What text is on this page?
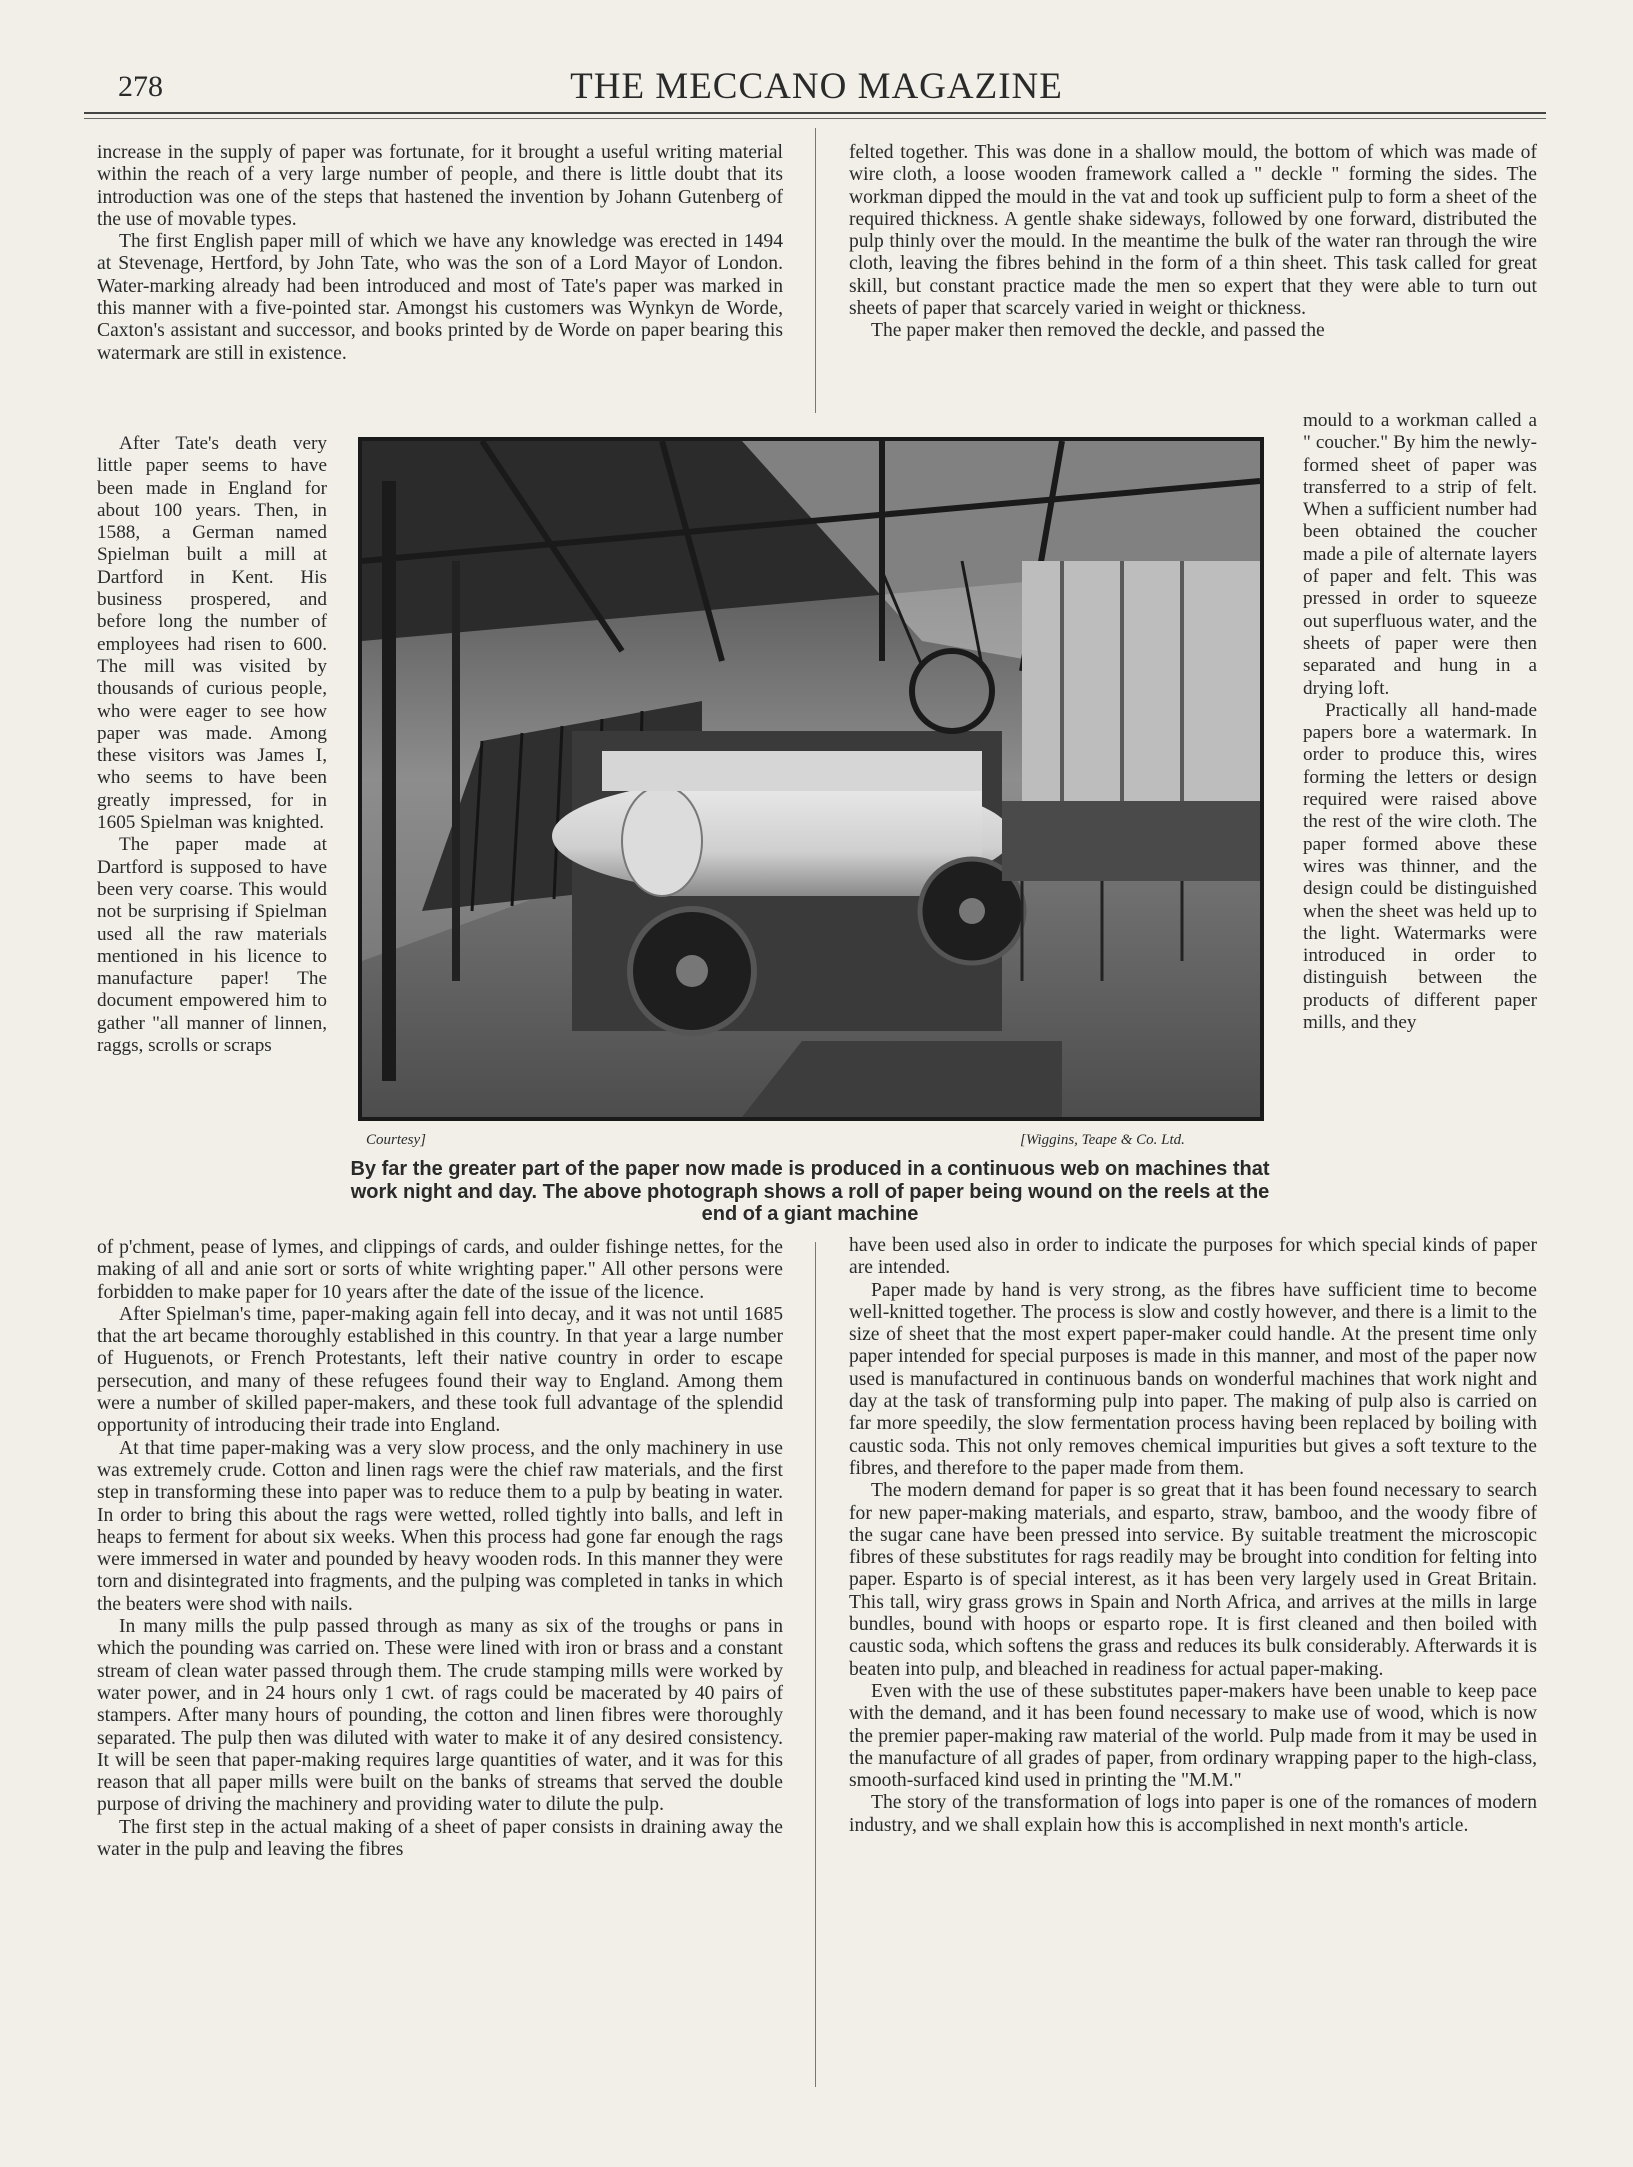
278	THE MECCANO MAGAZINE

increase in the supply of paper was fortunate, for it brought a useful writing material within the reach of a very large number of people, and there is little doubt that its introduction was one of the steps that hastened the invention by Johann Gutenberg of the use of movable types.

The first English paper mill of which we have any knowledge was erected in 1494 at Stevenage, Hertford, by John Tate, who was the son of a Lord Mayor of London. Water-marking already had been introduced and most of Tate's paper was marked in this manner with a five-pointed star. Amongst his customers was Wynkyn de Worde, Caxton's assistant and successor, and books printed by de Worde on paper bearing this watermark are still in existence.

After Tate's death very little paper seems to have been made in England for about 100 years. Then, in 1588, a German named Spielman built a mill at Dartford in Kent. His business prospered, and before long the number of employees had risen to 600. The mill was visited by thousands of curious people, who were eager to see how paper was made. Among these visitors was James I, who seems to have been greatly impressed, for in 1605 Spielman was knighted.

The paper made at Dartford is supposed to have been very coarse. This would not be surprising if Spielman used all the raw materials mentioned in his licence to manufacture paper! The document empowered him to gather "all manner of linnen, raggs, scrolls or scraps

of p'chment, pease of lymes, and clippings of cards, and oulder fishinge nettes, for the making of all and anie sort or sorts of white wrighting paper." All other persons were forbidden to make paper for 10 years after the date of the issue of the licence.

After Spielman's time, paper-making again fell into decay, and it was not until 1685 that the art became thoroughly established in this country. In that year a large number of Huguenots, or French Protestants, left their native country in order to escape persecution, and many of these refugees found their way to England. Among them were a number of skilled paper-makers, and these took full advantage of the splendid opportunity of introducing their trade into England.

At that time paper-making was a very slow process, and the only machinery in use was extremely crude. Cotton and linen rags were the chief raw materials, and the first step in transforming these into paper was to reduce them to a pulp by beating in water. In order to bring this about the rags were wetted, rolled tightly into balls, and left in heaps to ferment for about six weeks. When this process had gone far enough the rags were immersed in water and pounded by heavy wooden rods. In this manner they were torn and disintegrated into fragments, and the pulping was completed in tanks in which the beaters were shod with nails.

In many mills the pulp passed through as many as six of the troughs or pans in which the pounding was carried on. These were lined with iron or brass and a constant stream of clean water passed through them. The crude stamping mills were worked by water power, and in 24 hours only 1 cwt. of rags could be macerated by 40 pairs of stampers. After many hours of pounding, the cotton and linen fibres were thoroughly separated. The pulp then was diluted with water to make it of any desired consistency. It will be seen that paper-making requires large quantities of water, and it was for this reason that all paper mills were built on the banks of streams that served the double purpose of driving the machinery and providing water to dilute the pulp.

The first step in the actual making of a sheet of paper consists in draining away the water in the pulp and leaving the fibres

felted together. This was done in a shallow mould, the bottom of which was made of wire cloth, a loose wooden framework called a " deckle " forming the sides. The workman dipped the mould in the vat and took up sufficient pulp to form a sheet of the required thickness. A gentle shake sideways, followed by one forward, distributed the pulp thinly over the mould. In the meantime the bulk of the water ran through the wire cloth, leaving the fibres behind in the form of a thin sheet. This task called for great skill, but constant practice made the men so expert that they were able to turn out sheets of paper that scarcely varied in weight or thickness.

The paper maker then removed the deckle, and passed the

mould to a workman called a " coucher." By him the newly-formed sheet of paper was transferred to a strip of felt. When a sufficient number had been obtained the coucher made a pile of alternate layers of paper and felt. This was pressed in order to squeeze out superfluous water, and the sheets of paper were then separated and hung in a drying loft.

Practically all hand-made papers bore a watermark. In order to produce this, wires forming the letters or design required were raised above the rest of the wire cloth. The paper formed above these wires was thinner, and the design could be distinguished when the sheet was held up to the light. Watermarks were introduced in order to distinguish between the products of different paper mills, and they

have been used also in order to indicate the purposes for which special kinds of paper are intended.

Paper made by hand is very strong, as the fibres have sufficient time to become well-knitted together. The process is slow and costly however, and there is a limit to the size of sheet that the most expert paper-maker could handle. At the present time only paper intended for special purposes is made in this manner, and most of the paper now used is manufactured in continuous bands on wonderful machines that work night and day at the task of transforming pulp into paper. The making of pulp also is carried on far more speedily, the slow fermentation process having been replaced by boiling with caustic soda. This not only removes chemical impurities but gives a soft texture to the fibres, and therefore to the paper made from them.

The modern demand for paper is so great that it has been found necessary to search for new paper-making materials, and esparto, straw, bamboo, and the woody fibre of the sugar cane have been pressed into service. By suitable treatment the microscopic fibres of these substitutes for rags readily may be brought into condition for felting into paper. Esparto is of special interest, as it has been very largely used in Great Britain. This tall, wiry grass grows in Spain and North Africa, and arrives at the mills in large bundles, bound with hoops or esparto rope. It is first cleaned and then boiled with caustic soda, which softens the grass and reduces its bulk considerably. Afterwards it is beaten into pulp, and bleached in readiness for actual paper-making.

Even with the use of these substitutes paper-makers have been unable to keep pace with the demand, and it has been found necessary to make use of wood, which is now the premier paper-making raw material of the world. Pulp made from it may be used in the manufacture of all grades of paper, from ordinary wrapping paper to the high-class, smooth-surfaced kind used in printing the "M.M."

The story of the transformation of logs into paper is one of the romances of modern industry, and we shall explain how this is accomplished in next month's article.

Courtesy]	[Wiggins, Teape & Co. Ltd.
By far the greater part of the paper now made is produced in a continuous web on machines that work night and day. The above photograph shows a roll of paper being wound on the reels at the end of a giant machine
